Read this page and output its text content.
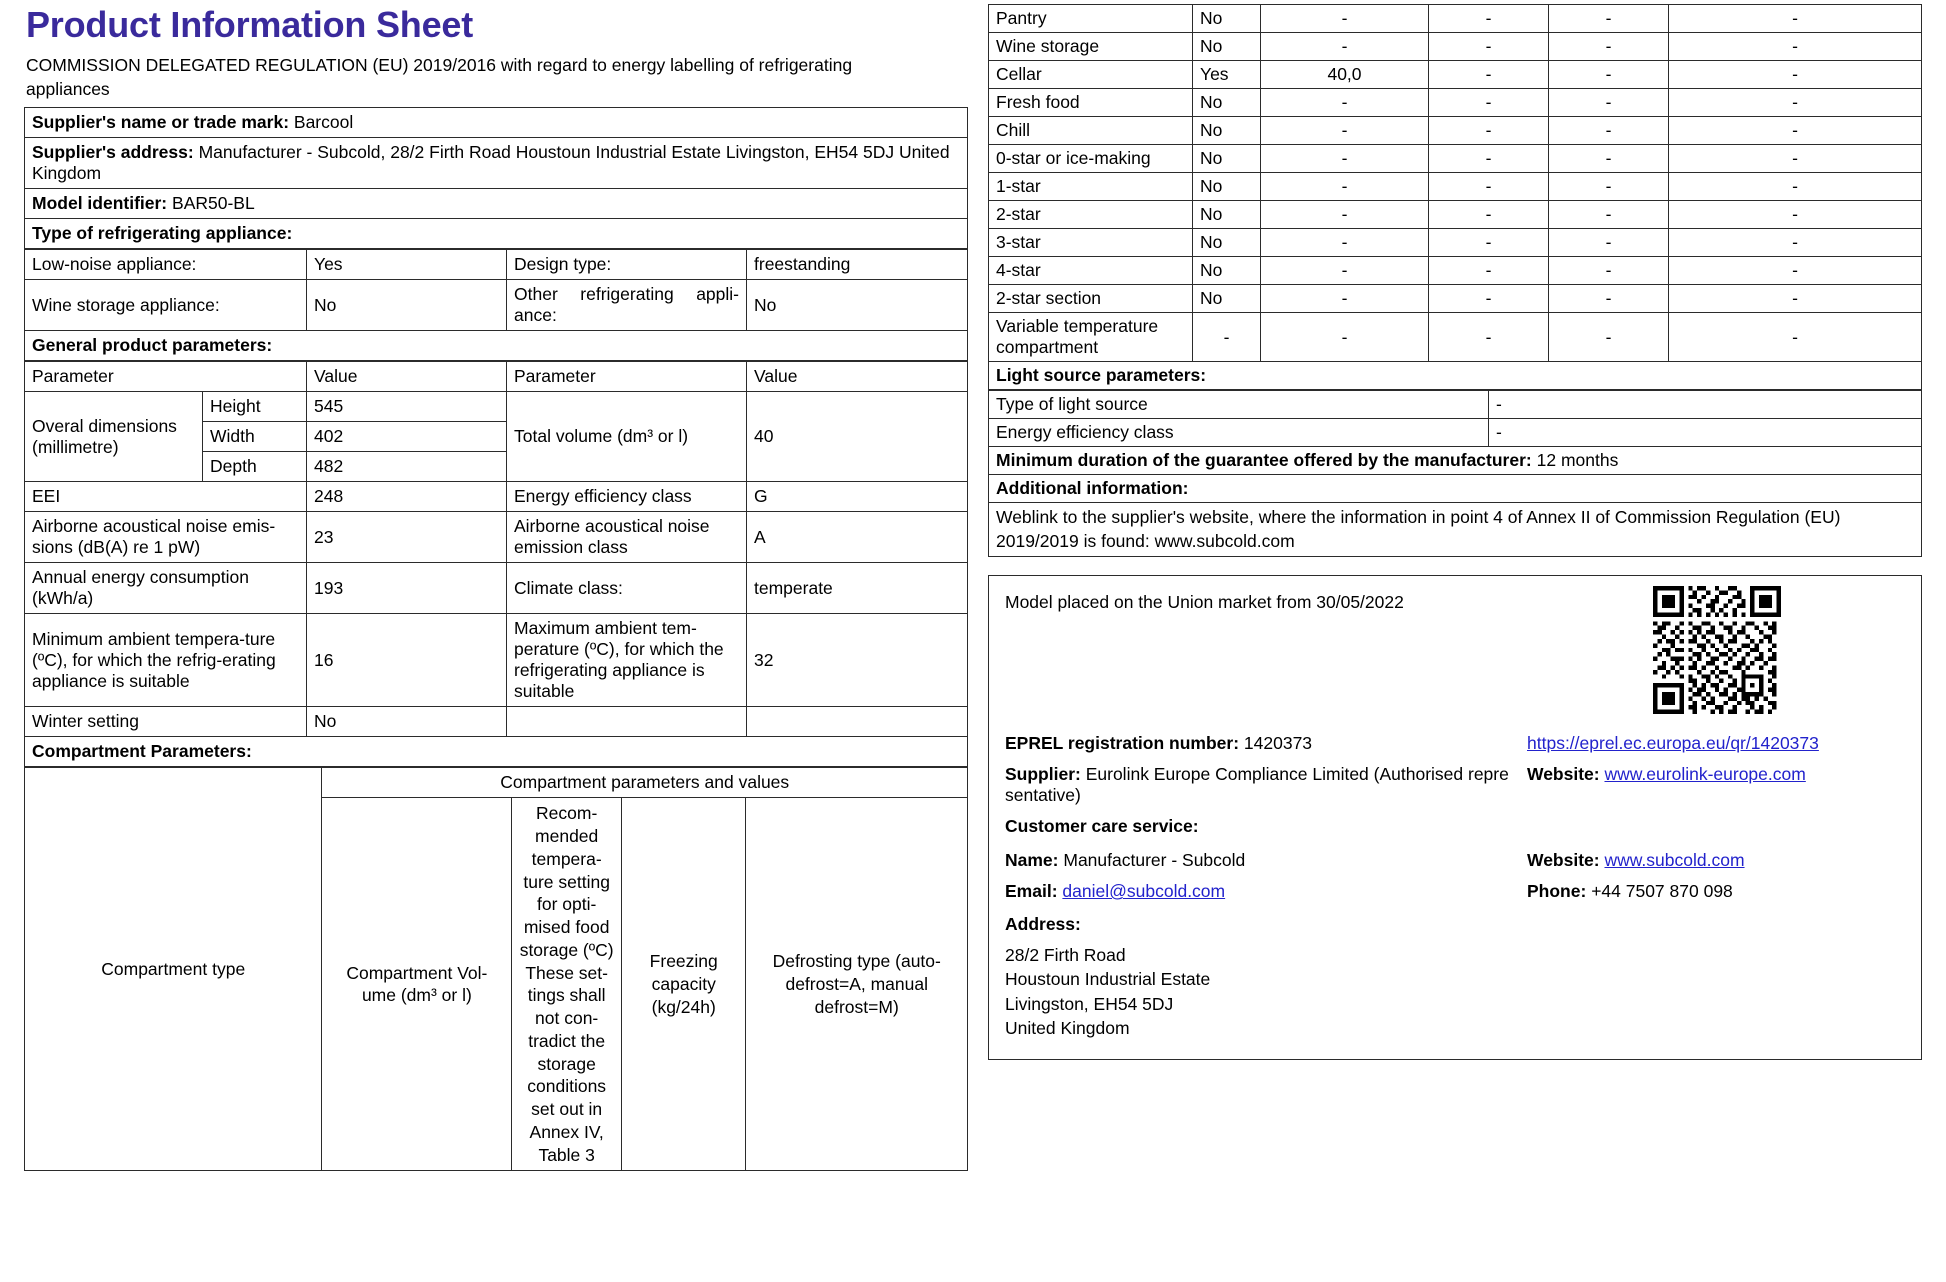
Product Information Sheet
COMMISSION DELEGATED REGULATION (EU) 2019/2016 with regard to energy labelling of refrigerating appliances
Supplier's name or trade mark: Barcool
Supplier's address: Manufacturer - Subcold, 28/2 Firth Road Houstoun Industrial Estate Livingston, EH54 5DJ United Kingdom
Model identifier: BAR50-BL
Type of refrigerating appliance:
Low-noise appliance:	Yes	Design type:	freestanding
Wine storage appliance:	No	Other refrigerating appli-ance:	No
General product parameters:			
Parameter		Value	Parameter	Value
Overal dimensions (millimetre)	Height	545	Total volume (dm³ or l)	40
	Width	402		
	Depth	482		
EEI		248	Energy efficiency class	G
Airborne acoustical noise emis-sions (dB(A) re 1 pW)		23	Airborne acoustical noise emission class	A
Annual energy consumption (kWh/a)		193	Climate class:	temperate
Minimum ambient tempera-ture (ºC), for which the refrig-erating appliance is suitable		16	Maximum ambient tem-perature (ºC), for which the refrigerating appliance is suitable	32
Winter setting		No		
Compartment Parameters:				
Compartment type	Compartment parameters and values			
	Compartment Vol-ume (dm³ or l)	Recom-mended tempera-ture setting for opti-mised food storage (ºC) These set-tings shall not con-tradict the storage conditions set out in Annex IV, Table 3	Freezing capacity (kg/24h)	Defrosting type (auto-defrost=A, manual defrost=M)
Pantry	No	-	-	-	-
Wine storage	No	-	-	-	-
Cellar	Yes	40,0	-	-	-
Fresh food	No	-	-	-	-
Chill	No	-	-	-	-
0-star or ice-making	No	-	-	-	-
1-star	No	-	-	-	-
2-star	No	-	-	-	-
3-star	No	-	-	-	-
4-star	No	-	-	-	-
2-star section	No	-	-	-	-
Variable temperature compartment	-	-	-	-	-
Light source parameters:					
Type of light source	-
Energy efficiency class	-
Minimum duration of the guarantee offered by the manufacturer: 12 months	
Additional information:	
Weblink to the supplier's website, where the information in point 4 of Annex II of Commission Regulation (EU) 2019/2019 is found: www.subcold.com	

Model placed on the Union market from 30/05/2022

EPREL registration number: 1420373	https://eprel.ec.europa.eu/qr/1420373
Supplier: Eurolink Europe Compliance Limited (Authorised repre sentative)
Website: www.eurolink-europe.com

Customer care service:

Name: Manufacturer - Subcold	Website: www.subcold.com
Email: daniel@subcold.com	Phone: +44 7507 870 098

Address:

28/2 Firth Road
Houstoun Industrial Estate
Livingston, EH54 5DJ
United Kingdom
